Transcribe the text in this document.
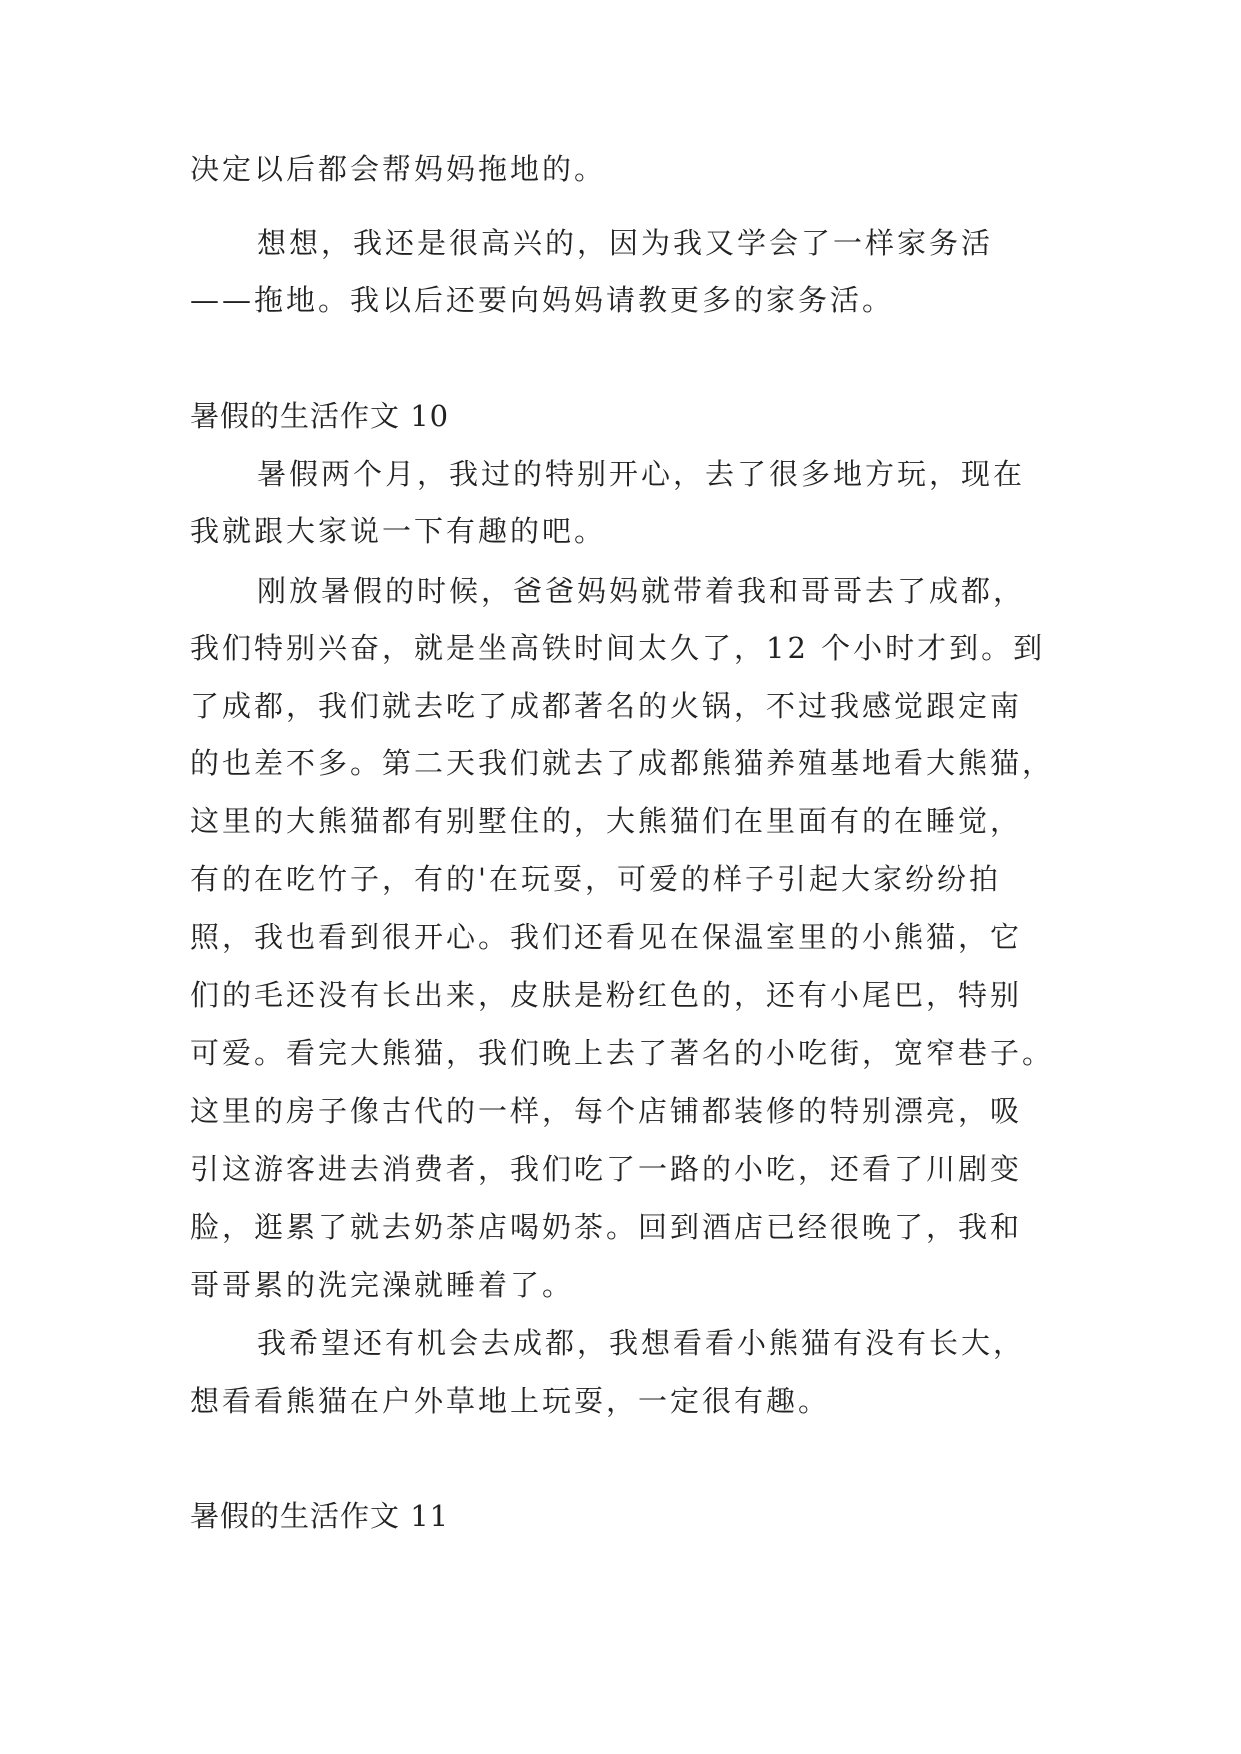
决定以后都会帮妈妈拖地的。
想想，我还是很高兴的，因为我又学会了一样家务活
——拖地。我以后还要向妈妈请教更多的家务活。
暑假的生活作文 10
暑假两个月，我过的特别开心，去了很多地方玩，现在
我就跟大家说一下有趣的吧。
刚放暑假的时候，爸爸妈妈就带着我和哥哥去了成都，
我们特别兴奋，就是坐高铁时间太久了，12 个小时才到。到
了成都，我们就去吃了成都著名的火锅，不过我感觉跟定南
的也差不多。第二天我们就去了成都熊猫养殖基地看大熊猫，
这里的大熊猫都有别墅住的，大熊猫们在里面有的在睡觉，
有的在吃竹子，有的'在玩耍，可爱的样子引起大家纷纷拍
照，我也看到很开心。我们还看见在保温室里的小熊猫，它
们的毛还没有长出来，皮肤是粉红色的，还有小尾巴，特别
可爱。看完大熊猫，我们晚上去了著名的小吃街，宽窄巷子。
这里的房子像古代的一样，每个店铺都装修的特别漂亮，吸
引这游客进去消费者，我们吃了一路的小吃，还看了川剧变
脸，逛累了就去奶茶店喝奶茶。回到酒店已经很晚了，我和
哥哥累的洗完澡就睡着了。
我希望还有机会去成都，我想看看小熊猫有没有长大，
想看看熊猫在户外草地上玩耍，一定很有趣。
暑假的生活作文 11
